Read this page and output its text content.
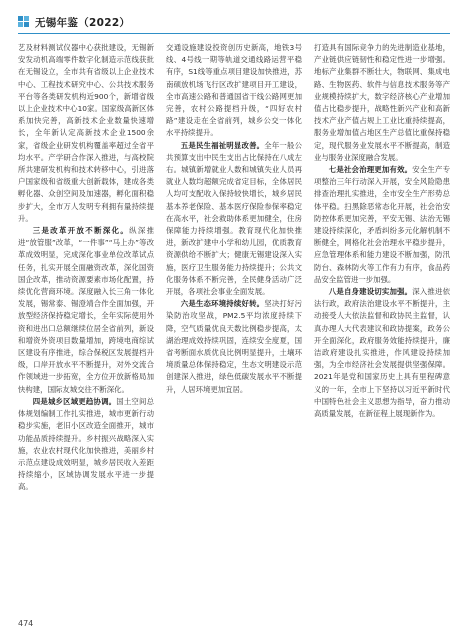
无锡年鉴（2022）

艺及材料测试仪器中心获批建设，无锡新安发动机高端零件数字化制造示范线获批在无锡设立，全市共有省级以上企业技术中心、工程技术研究中心、公共技术服务平台等各类研发机构近900个，新增省级以上企业技术中心10家。国家级高新区体系加快完善，高新技术企业数量快速增长，全年新认定高新技术企业1500余家，省级企业研发机构覆盖率超过全省平均水平。产学研合作深入推进，与高校院所共建研发机构和技术转移中心，引进落户国家级和省级重大创新载体，建成各类孵化器、众创空间及加速器，孵化面积稳步扩大，全市万人发明专利拥有量持续提升。

三是改革开放不断深化。纵深推进“放管服”改革，“一件事”“马上办”等改革成效明显，完成深化事业单位改革试点任务，扎实开展全面融资改革，深化国资国企改革，推动资源要素市场化配置，持续优化营商环境。深度融入长三角一体化发展，锡常泰、锡澄靖合作全面加强，开放型经济保持稳定增长，全年实际使用外资和进出口总额继续位居全省前列，新设和增资外资项目数量增加，跨境电商综试区建设有序推进，综合保税区发展提档升级，口岸开放水平不断提升，对外交流合作领域进一步拓宽，全方位开放新格局加快构建，国际友城交往不断深化。

四是城乡区域更趋协调。国土空间总体规划编制工作扎实推进，城市更新行动稳步实施，老旧小区改造全面推开，城市功能品质持续提升。乡村振兴战略深入实施，农业农村现代化加快推进，美丽乡村示范点建设成效明显，城乡居民收入差距持续缩小，区域协调发展水平进一步提高。

交通设施建设投资创历史新高，地铁3号线、4号线一期等轨道交通线路运营平稳有序，S1线等重点项目建设加快推进，苏南硕放机场飞行区改扩建项目开工建设，全市高速公路和普通国省干线公路网更加完善，农村公路提档升级，“四好农村路”建设走在全省前列，城乡公交一体化水平持续提升。

五是民生福祉明显改善。全年一般公共预算支出中民生支出占比保持在八成左右。城镇新增就业人数和城镇失业人员再就业人数均超额完成省定目标，全体居民人均可支配收入保持较快增长，城乡居民基本养老保险、基本医疗保险参保率稳定在高水平，社会救助体系更加健全，住房保障能力持续增强。教育现代化加快推进，新改扩建中小学和幼儿园，优质教育资源供给不断扩大；健康无锡建设深入实施，医疗卫生服务能力持续提升；公共文化服务体系不断完善，全民健身活动广泛开展，各项社会事业全面发展。

六是生态环境持续好转。坚决打好污染防治攻坚战，PM2.5平均浓度持续下降，空气质量优良天数比例稳步提高，太湖治理成效持续巩固，连续安全度夏，国省考断面水质优良比例明显提升，土壤环境质量总体保持稳定，生态文明建设示范创建深入推进，绿色低碳发展水平不断提升，人居环境更加宜居。

打造具有国际竞争力的先进制造业基地，产业链供应链韧性和稳定性进一步增强。地标产业集群不断壮大，物联网、集成电路、生物医药、软件与信息技术服务等产业规模持续扩大，数字经济核心产业增加值占比稳步提升，战略性新兴产业和高新技术产业产值占规上工业比重持续提高，服务业增加值占地区生产总值比重保持稳定，现代服务业发展水平不断提高，制造业与服务业深度融合发展。

七是社会治理更加有效。安全生产专项整治三年行动深入开展，安全风险隐患排查治理扎实推进，全市安全生产形势总体平稳。扫黑除恶常态化开展，社会治安防控体系更加完善，平安无锡、法治无锡建设持续深化，矛盾纠纷多元化解机制不断健全，网格化社会治理水平稳步提升，应急管理体系和能力建设不断加强，防汛防台、森林防火等工作有力有序，食品药品安全监管进一步加强。

八是自身建设切实加强。深入推进依法行政，政府法治建设水平不断提升，主动接受人大依法监督和政协民主监督，认真办理人大代表建议和政协提案，政务公开全面深化，政府服务效能持续提升，廉洁政府建设扎实推进，作风建设持续加强，为全市经济社会发展提供坚强保障。2021年是党和国家历史上具有里程碑意义的一年，全市上下坚持以习近平新时代中国特色社会主义思想为指导，奋力推动高质量发展，在新征程上展现新作为。

474
